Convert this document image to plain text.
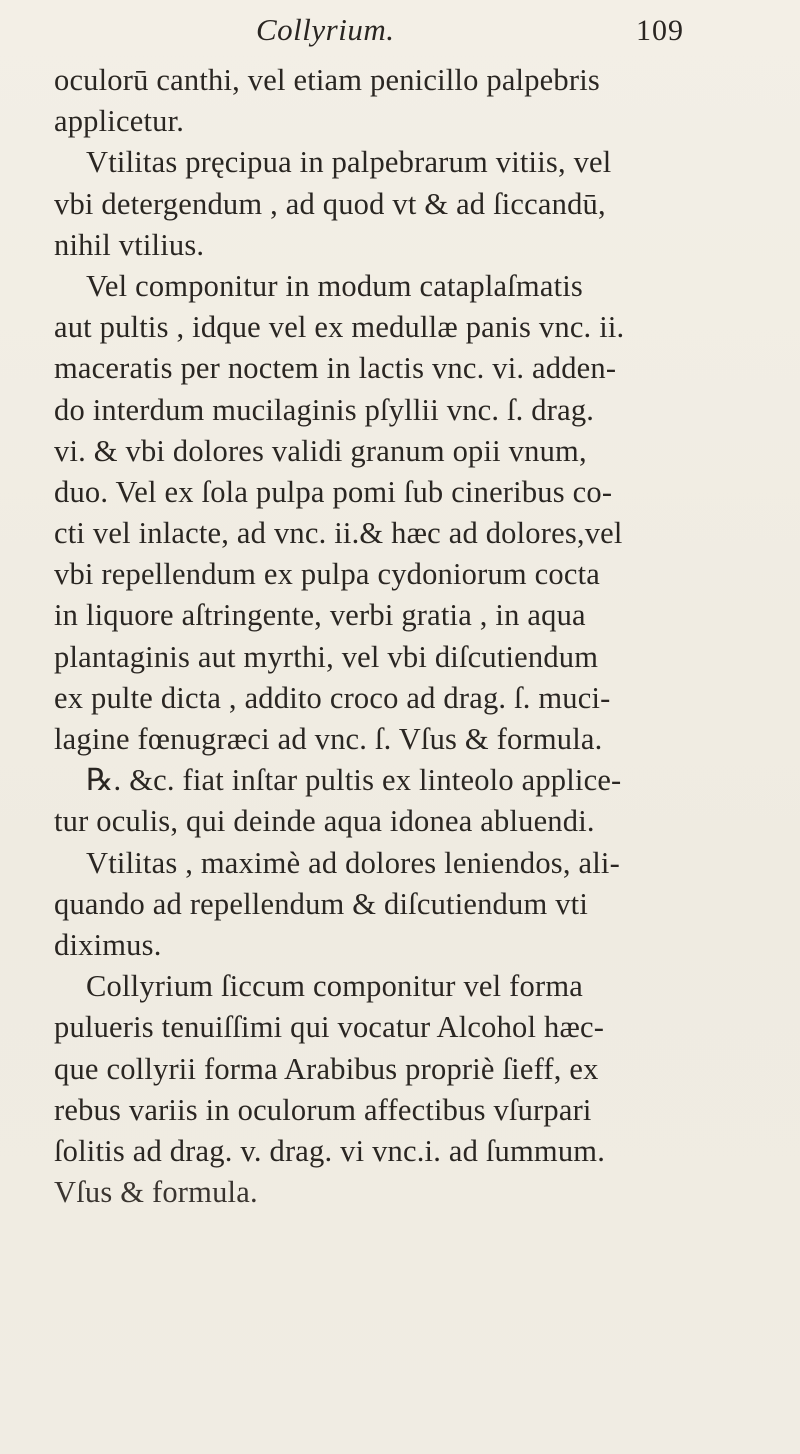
Collyrium.	109
oculorū canthi, vel etiam penicillo palpebris
applicetur.
Vtilitas pręcipua in palpebrarum vitiis, vel
vbi detergendum , ad quod vt & ad ſiccandū,
nihil vtilius.
Vel componitur in modum cataplaſmatis
aut pultis , idque vel ex medullæ panis vnc. ii.
maceratis per noctem in lactis vnc. vi. adden-
do interdum mucilaginis pſyllii vnc. ſ. drag.
vi. & vbi dolores validi granum opii vnum,
duo. Vel ex ſola pulpa pomi ſub cineribus co-
cti vel inlacte, ad vnc. ii.& hæc ad dolores,vel
vbi repellendum ex pulpa cydoniorum cocta
in liquore aſtringente, verbi gratia , in aqua
plantaginis aut myrthi, vel vbi diſcutiendum
ex pulte dicta , addito croco ad drag. ſ. muci-
lagine fœnugræci ad vnc. ſ. Vſus & formula.
℞. &c. fiat inſtar pultis ex linteolo applice-
tur oculis, qui deinde aqua idonea abluendi.
Vtilitas , maximè ad dolores leniendos, ali-
quando ad repellendum & diſcutiendum vti
diximus.
Collyrium ſiccum componitur vel forma
pulueris tenuiſſimi qui vocatur Alcohol hæc-
que collyrii forma Arabibus propriè ſieff, ex
rebus variis in oculorum affectibus vſurpari
ſolitis ad drag. v. drag. vi vnc.i. ad ſummum.
Vſus & formula.
